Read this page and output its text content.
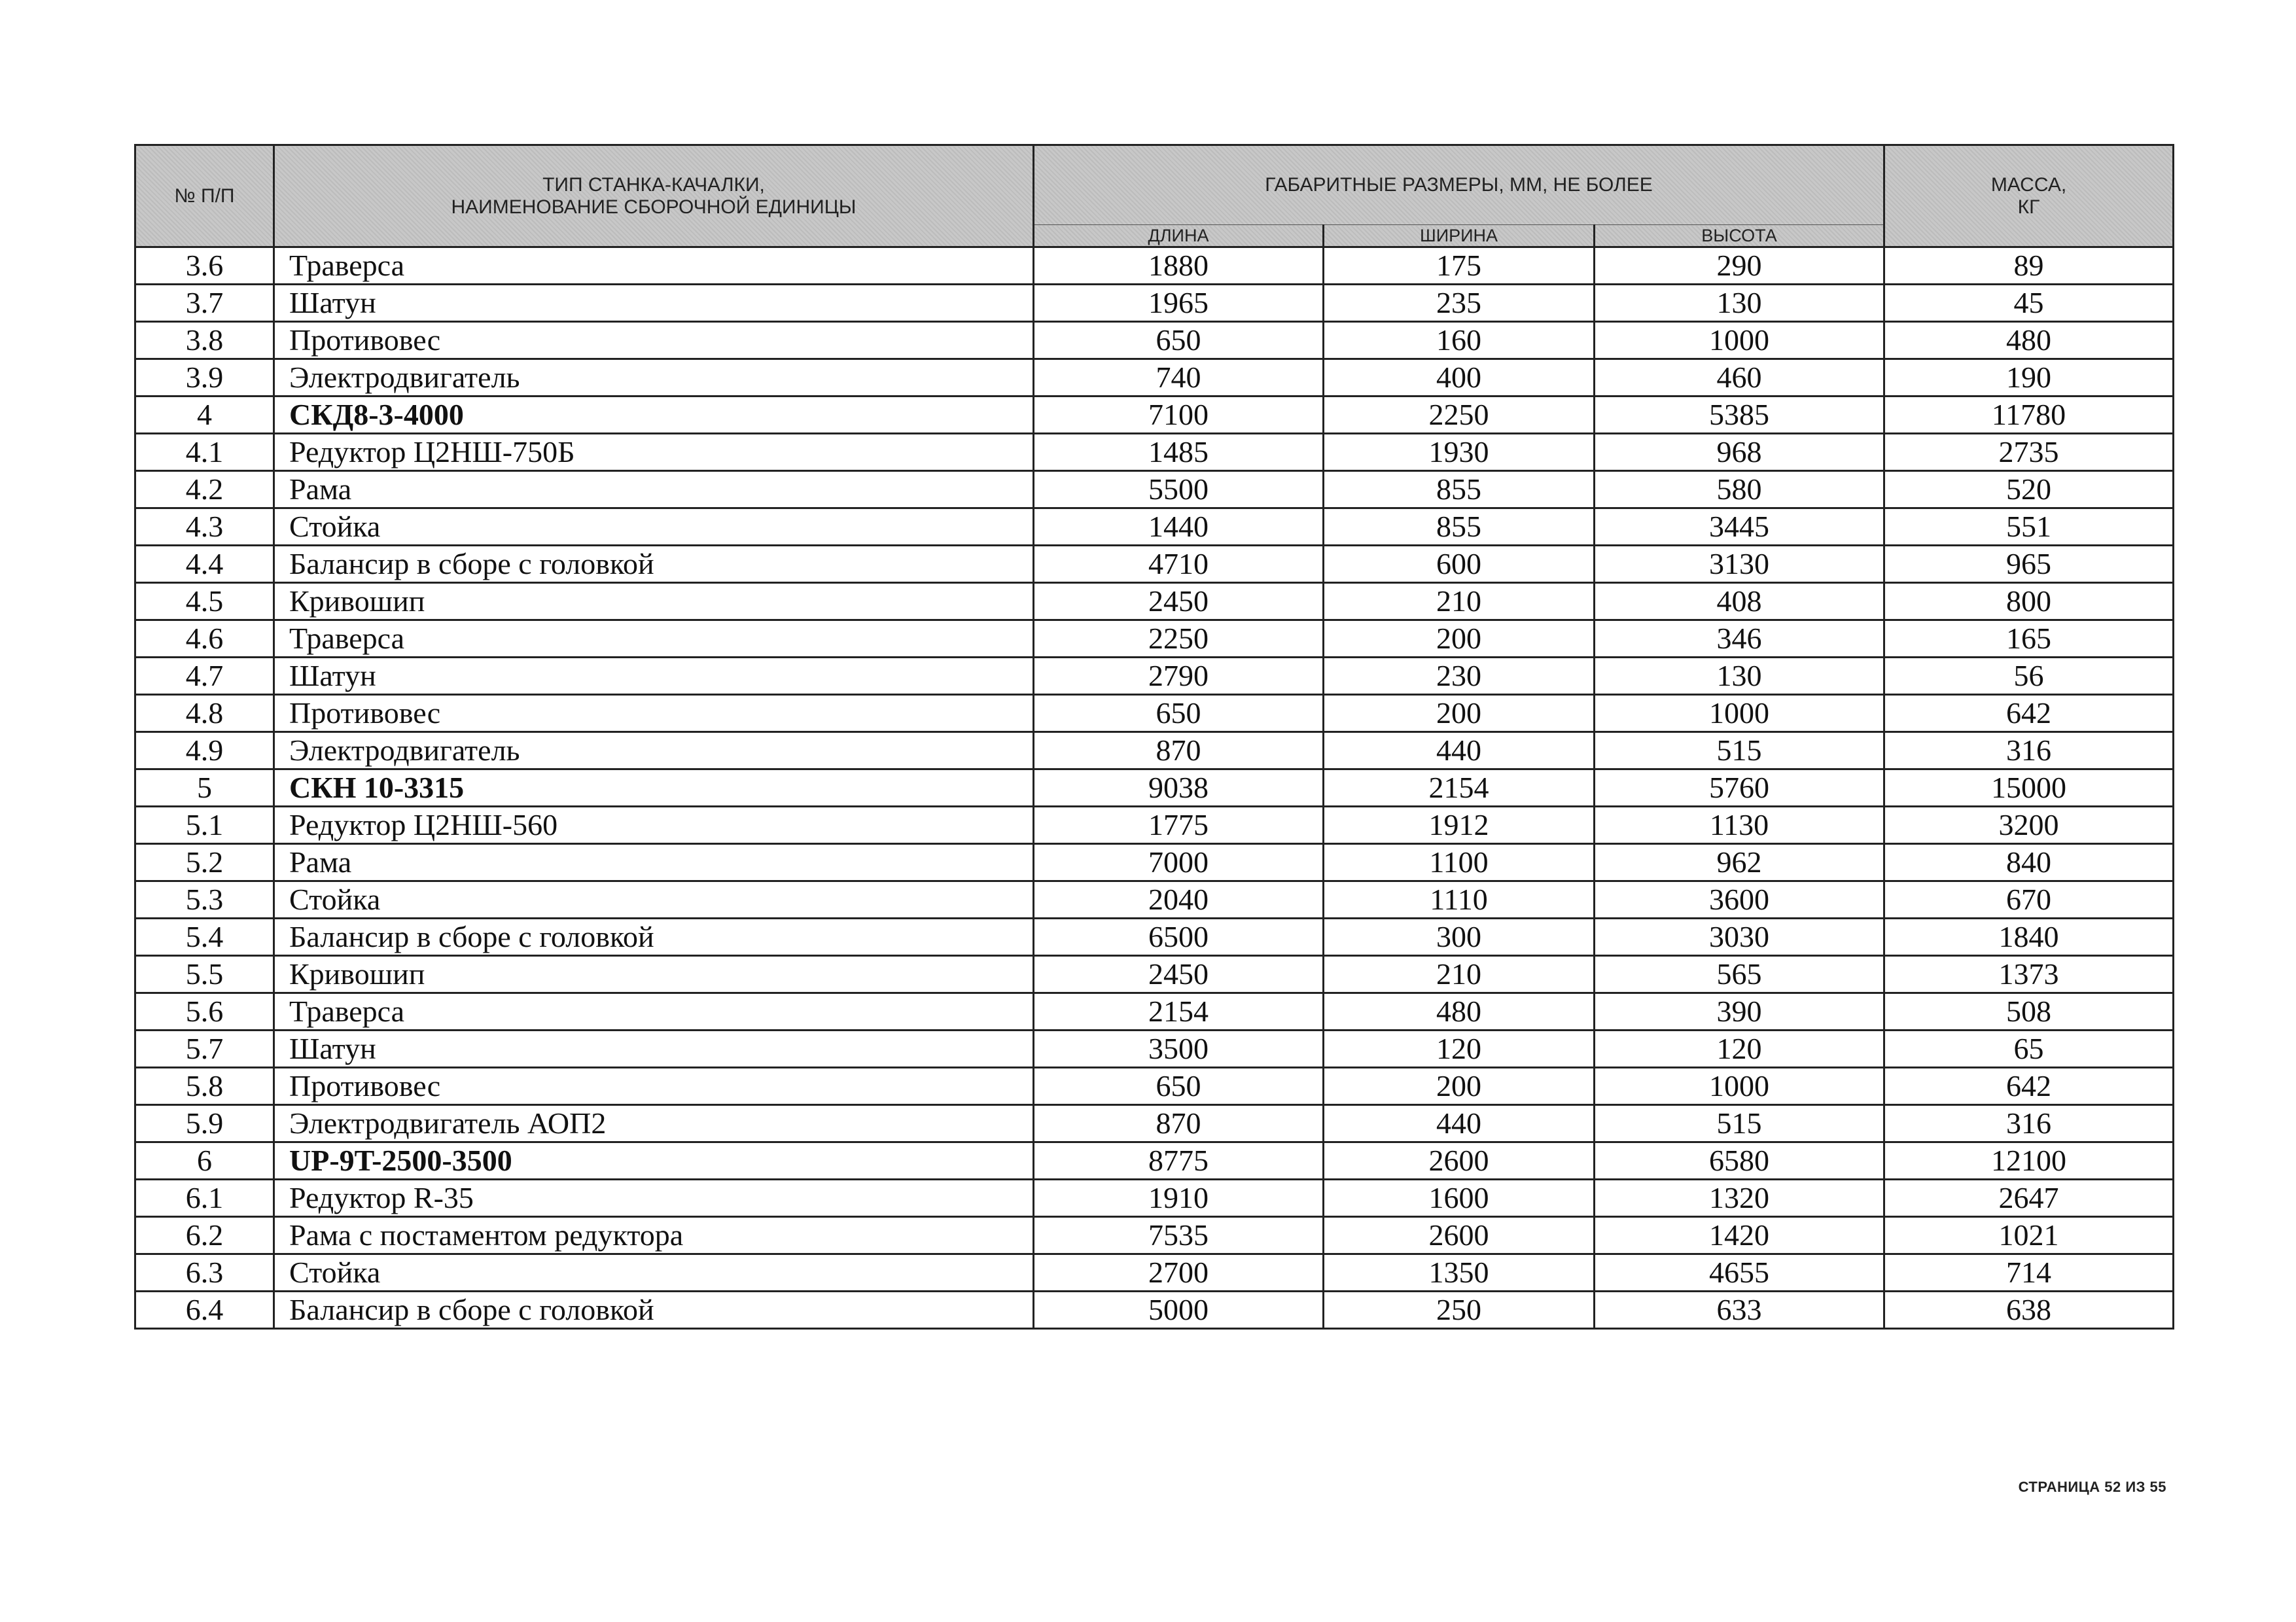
№ П/П	ТИП СТАНКА-КАЧАЛКИ,
НАИМЕНОВАНИЕ СБОРОЧНОЙ ЕДИНИЦЫ	ГАБАРИТНЫЕ РАЗМЕРЫ, ММ, НЕ БОЛЕЕ			МАССА,
КГ
		ДЛИНА	ШИРИНА	ВЫСОТА	
3.6	Траверса	1880	175	290	89
3.7	Шатун	1965	235	130	45
3.8	Противовес	650	160	1000	480
3.9	Электродвигатель	740	400	460	190
4	СКД8-3-4000	7100	2250	5385	11780
4.1	Редуктор Ц2НШ-750Б	1485	1930	968	2735
4.2	Рама	5500	855	580	520
4.3	Стойка	1440	855	3445	551
4.4	Балансир в сборе с головкой	4710	600	3130	965
4.5	Кривошип	2450	210	408	800
4.6	Траверса	2250	200	346	165
4.7	Шатун	2790	230	130	56
4.8	Противовес	650	200	1000	642
4.9	Электродвигатель	870	440	515	316
5	СКН 10-3315	9038	2154	5760	15000
5.1	Редуктор Ц2НШ-560	1775	1912	1130	3200
5.2	Рама	7000	1100	962	840
5.3	Стойка	2040	1110	3600	670
5.4	Балансир в сборе с головкой	6500	300	3030	1840
5.5	Кривошип	2450	210	565	1373
5.6	Траверса	2154	480	390	508
5.7	Шатун	3500	120	120	65
5.8	Противовес	650	200	1000	642
5.9	Электродвигатель АОП2	870	440	515	316
6	UP-9T-2500-3500	8775	2600	6580	12100
6.1	Редуктор R-35	1910	1600	1320	2647
6.2	Рама с постаментом редуктора	7535	2600	1420	1021
6.3	Стойка	2700	1350	4655	714
6.4	Балансир в сборе с головкой	5000	250	633	638
СТРАНИЦА 52 ИЗ 55
